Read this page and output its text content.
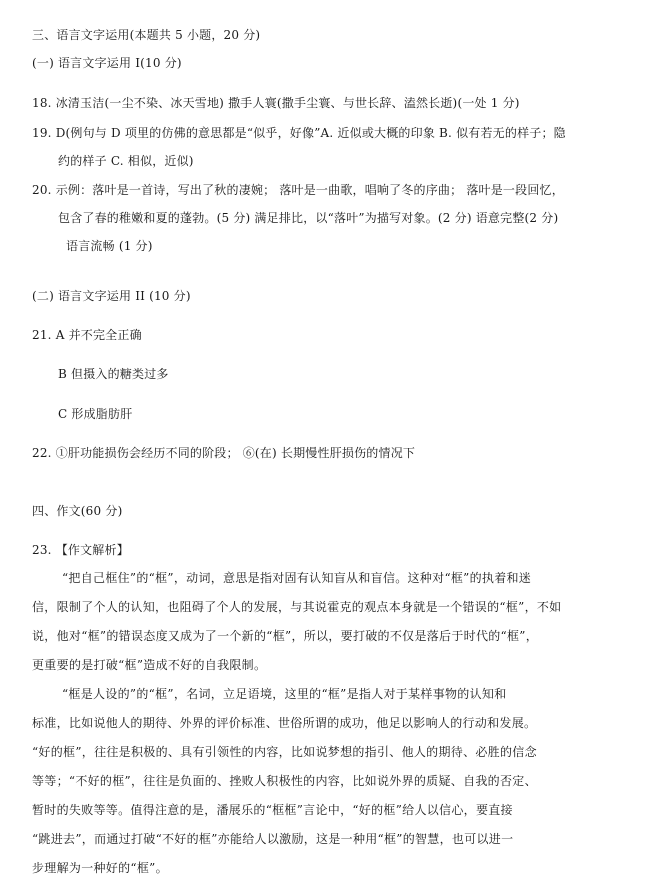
三、语言文字运用(本题共 5 小题，20 分)
(一) 语言文字运用 I(10 分)
18. 冰清玉洁(一尘不染、冰天雪地) 撒手人寰(撒手尘寰、与世长辞、溘然长逝)(一处 1 分)
19. D(例句与 D 项里的仿佛的意思都是“似乎，好像”A. 近似或大概的印象 B. 似有若无的样子；隐
约的样子 C. 相似，近似)
20. 示例：落叶是一首诗，写出了秋的凄婉； 落叶是一曲歌，唱响了冬的序曲； 落叶是一段回忆，
包含了春的稚嫩和夏的蓬勃。(5 分) 满足排比，以“落叶”为描写对象。(2 分) 语意完整(2 分)
语言流畅 (1 分)
(二) 语言文字运用 II (10 分)
21. A 并不完全正确
B 但摄入的糖类过多
C 形成脂肪肝
22. ①肝功能损伤会经历不同的阶段； ⑥(在) 长期慢性肝损伤的情况下
四、作文(60 分)
23. 【作文解析】
“把自己框住”的“框”，动词，意思是指对固有认知盲从和盲信。这种对“框”的执着和迷
信，限制了个人的认知，也阻碍了个人的发展，与其说霍克的观点本身就是一个错误的“框”，不如
说，他对“框”的错误态度又成为了一个新的“框”，所以，要打破的不仅是落后于时代的“框”，
更重要的是打破“框”造成不好的自我限制。
“框是人设的”的“框”，名词，立足语境，这里的“框”是指人对于某样事物的认知和
标准，比如说他人的期待、外界的评价标准、世俗所谓的成功，他足以影响人的行动和发展。
“好的框”，往往是积极的、具有引领性的内容，比如说梦想的指引、他人的期待、必胜的信念
等等；“不好的框”，往往是负面的、挫败人积极性的内容，比如说外界的质疑、自我的否定、
暂时的失败等等。值得注意的是，潘展乐的“框框”言论中，“好的框”给人以信心，要直接
“跳进去”，而通过打破“不好的框”亦能给人以激励，这是一种用“框”的智慧，也可以进一
步理解为一种好的“框”。
